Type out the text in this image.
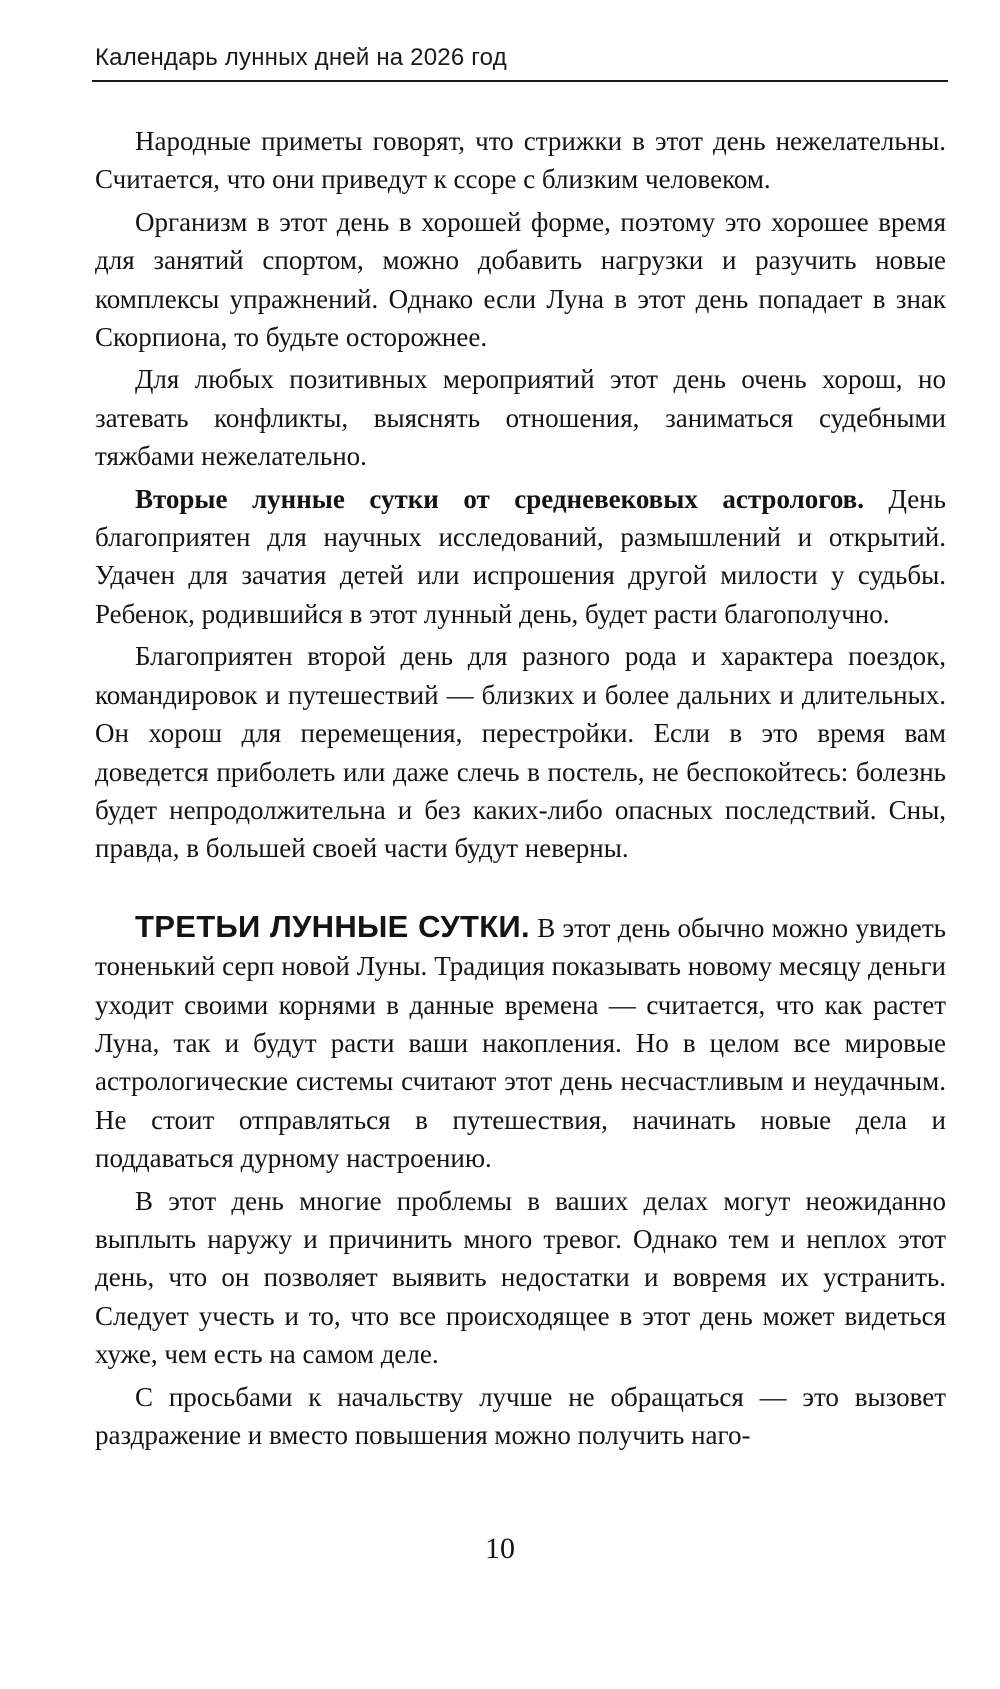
Календарь лунных дней на 2026 год

Народные приметы говорят, что стрижки в этот день нежелательны. Считается, что они приведут к ссоре с близким человеком.

Организм в этот день в хорошей форме, поэтому это хорошее время для занятий спортом, можно добавить нагрузки и разучить новые комплексы упражнений. Однако если Луна в этот день попадает в знак Скорпиона, то будьте осторожнее.

Для любых позитивных мероприятий этот день очень хорош, но затевать конфликты, выяснять отношения, заниматься судебными тяжбами нежелательно.

Вторые лунные сутки от средневековых астрологов. День благоприятен для научных исследований, размышлений и открытий. Удачен для зачатия детей или испрошения другой милости у судьбы. Ребенок, родившийся в этот лунный день, будет расти благополучно.

Благоприятен второй день для разного рода и характера поездок, командировок и путешествий — близких и более дальних и длительных. Он хорош для перемещения, перестройки. Если в это время вам доведется приболеть или даже слечь в постель, не беспокойтесь: болезнь будет непродолжительна и без каких-либо опасных последствий. Сны, правда, в большей своей части будут неверны.

ТРЕТЬИ ЛУННЫЕ СУТКИ. В этот день обычно можно увидеть тоненький серп новой Луны. Традиция показывать новому месяцу деньги уходит своими корнями в данные времена — считается, что как растет Луна, так и будут расти ваши накопления. Но в целом все мировые астрологические системы считают этот день несчастливым и неудачным. Не стоит отправляться в путешествия, начинать новые дела и поддаваться дурному настроению.

В этот день многие проблемы в ваших делах могут неожиданно выплыть наружу и причинить много тревог. Однако тем и неплох этот день, что он позволяет выявить недостатки и вовремя их устранить. Следует учесть и то, что все происходящее в этот день может видеться хуже, чем есть на самом деле.

С просьбами к начальству лучше не обращаться — это вызовет раздражение и вместо повышения можно получить наго-

10
